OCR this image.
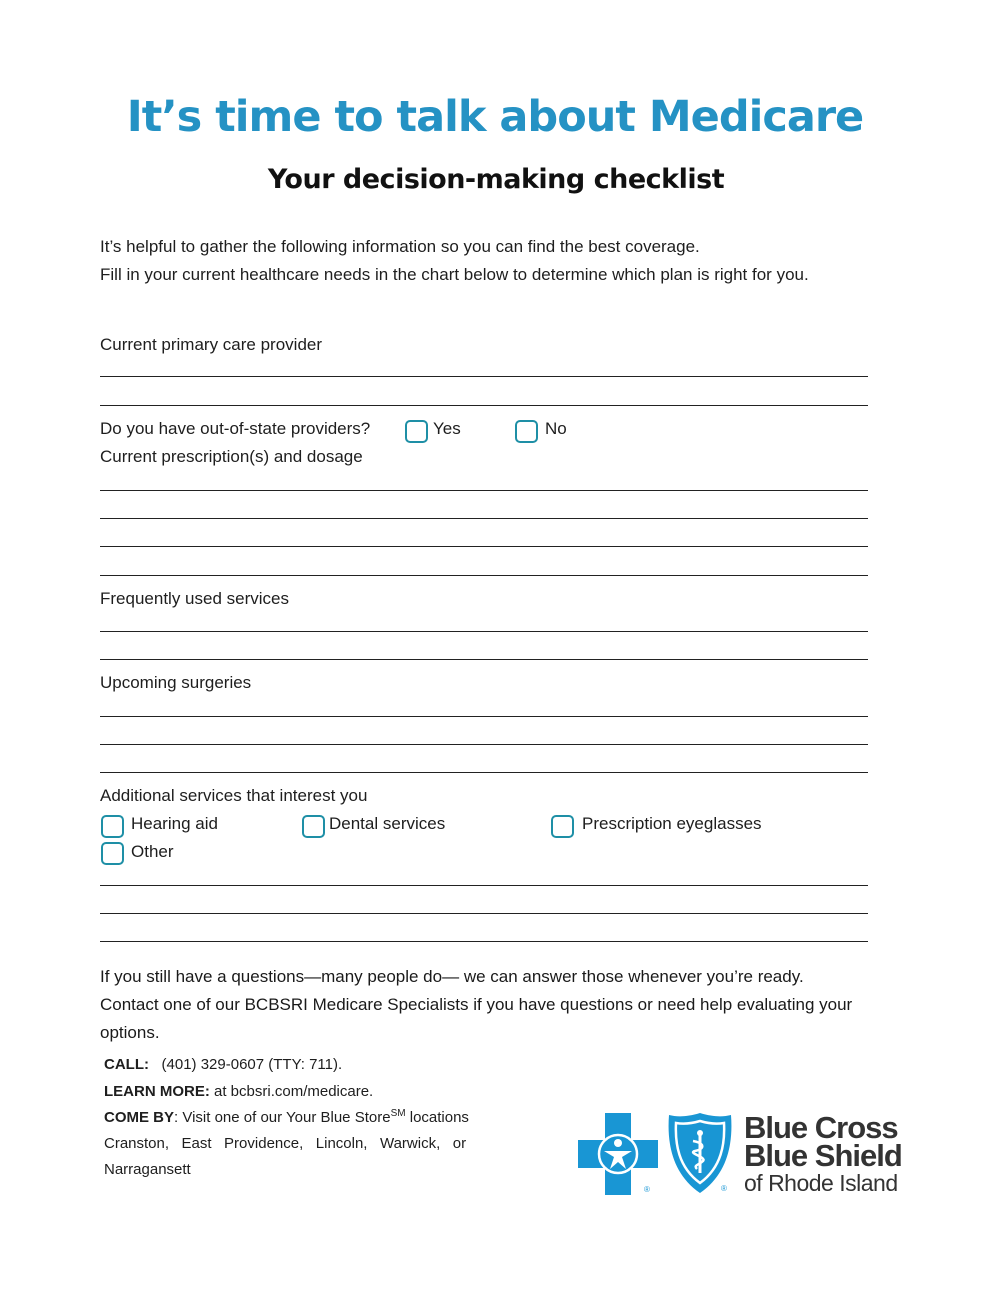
It’s time to talk about Medicare
Your decision-making checklist
It’s helpful to gather the following information so you can find the best coverage.
Fill in your current healthcare needs in the chart below to determine which plan is right for you.
Current primary care provider
Do you have out-of-state providers?	Yes	No
Current prescription(s) and dosage
Frequently used services
Upcoming surgeries
Additional services that interest you
Hearing aid	Dental services	Prescription eyeglasses
Other
If you still have a questions—many people do— we can answer those whenever you’re ready.
Contact one of our BCBSRI Medicare Specialists if you have questions or need help evaluating your options.
CALL: (401) 329-0607 (TTY: 711).
LEARN MORE: at bcbsri.com/medicare.
COME BY: Visit one of our Your Blue Store℠ locations
Cranston,   East   Providence,   Lincoln,   Warwick,   or
Narragansett
®	®
Blue Cross
Blue Shield
of Rhode Island
